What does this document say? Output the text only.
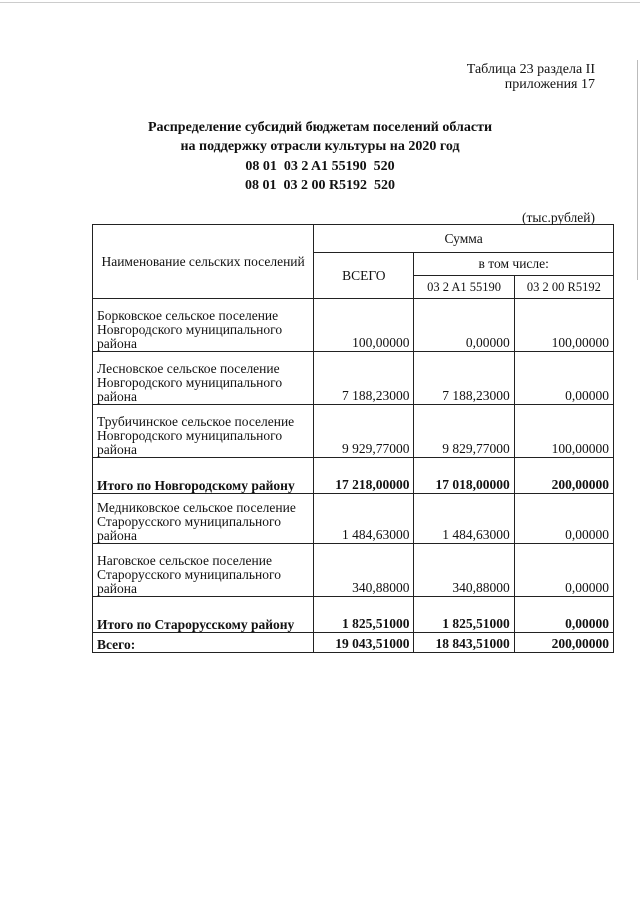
Таблица 23 раздела II
приложения 17
Распределение субсидий бюджетам поселений области
на поддержку отрасли культуры на 2020 год
08 01  03 2 A1 55190  520
08 01  03 2 00 R5192  520
(тыс.рублей)
Наименование сельских поселений	Сумма		
	ВСЕГО	в том числе:	
		03 2 A1 55190	03 2 00 R5192
Борковское сельское поселение Новгородского муниципального района	100,00000	0,00000	100,00000
Лесновское сельское поселение Новгородского муниципального района	7 188,23000	7 188,23000	0,00000
Трубичинское сельское поселение Новгородского муниципального района	9 929,77000	9 829,77000	100,00000
Итого по Новгородскому району	17 218,00000	17 018,00000	200,00000
Медниковское сельское поселение Старорусского муниципального района	1 484,63000	1 484,63000	0,00000
Наговское сельское поселение Старорусского муниципального района	340,88000	340,88000	0,00000
Итого по Старорусскому району	1 825,51000	1 825,51000	0,00000
Всего:	19 043,51000	18 843,51000	200,00000
